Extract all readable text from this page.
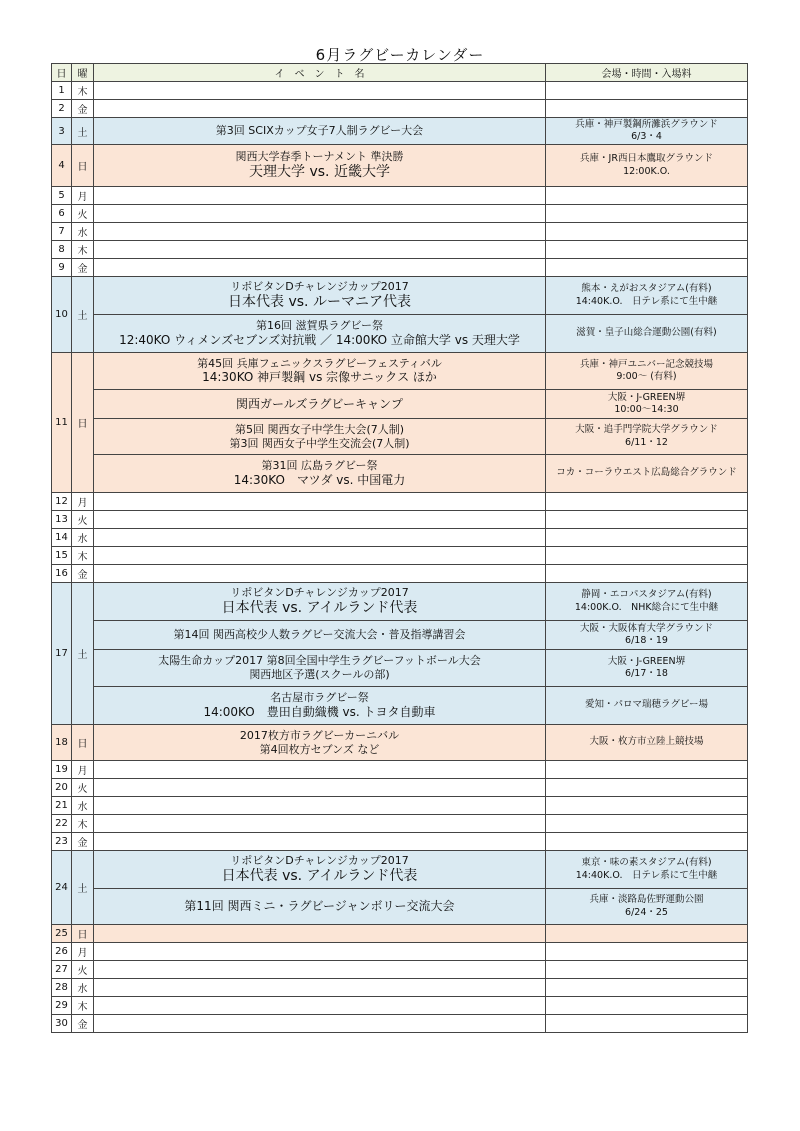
6月ラグビーカレンダー
日	曜	イ　ベ　ン　ト　名	会場・時間・入場料
1	木		
2	金		
3	土	第3回 SCIXカップ女子7人制ラグビー大会	兵庫・神戸製鋼所灘浜グラウンド
6/3・4

4	日	関西大学春季トーナメント 準決勝
天理大学 vs. 近畿大学	兵庫・JR西日本鷹取グラウンド
12:00K.O.

5	月		
6	火		
7	水		
8	木		
9	金		
10	土	リポビタンDチャレンジカップ2017
日本代表 vs. ルーマニア代表	熊本・えがおスタジアム(有料)
14:40K.O.　日テレ系にて生中継

		第16回 滋賀県ラグビー祭
12:40KO ウィメンズセブンズ対抗戦 ／ 14:00KO 立命館大学 vs 天理大学	滋賀・皇子山総合運動公園(有料)

11	日	第45回 兵庫フェニックスラグビーフェスティバル
14:30KO 神戸製鋼 vs 宗像サニックス ほか	兵庫・神戸ユニバー記念競技場
9:00～ (有料)

		関西ガールズラグビーキャンプ	大阪・J-GREEN堺
10:00～14:30

		第5回 関西女子中学生大会(7人制)
第3回 関西女子中学生交流会(7人制)	大阪・追手門学院大学グラウンド
6/11・12

		第31回 広島ラグビー祭
14:30KO　マツダ vs. 中国電力	コカ・コーラウエスト広島総合グラウンド

12	月		
13	火		
14	水		
15	木		
16	金		
17	土	リポビタンDチャレンジカップ2017
日本代表 vs. アイルランド代表	静岡・エコパスタジアム(有料)
14:00K.O.　NHK総合にて生中継

		第14回 関西高校少人数ラグビー交流大会・普及指導講習会	大阪・大阪体育大学グラウンド
6/18・19

		太陽生命カップ2017 第8回全国中学生ラグビーフットボール大会
関西地区予選(スクールの部)	大阪・J-GREEN堺
6/17・18

		名古屋市ラグビー祭
14:00KO　豊田自動織機 vs. トヨタ自動車	愛知・パロマ瑞穂ラグビー場

18	日	2017枚方市ラグビーカーニバル
第4回枚方セブンズ など	大阪・枚方市立陸上競技場

19	月		
20	火		
21	水		
22	木		
23	金		
24	土	リポビタンDチャレンジカップ2017
日本代表 vs. アイルランド代表	東京・味の素スタジアム(有料)
14:40K.O.　日テレ系にて生中継

		第11回 関西ミニ・ラグビージャンボリー交流大会	兵庫・淡路島佐野運動公園
6/24・25

25	日		
26	月		
27	火		
28	水		
29	木		
30	金		
